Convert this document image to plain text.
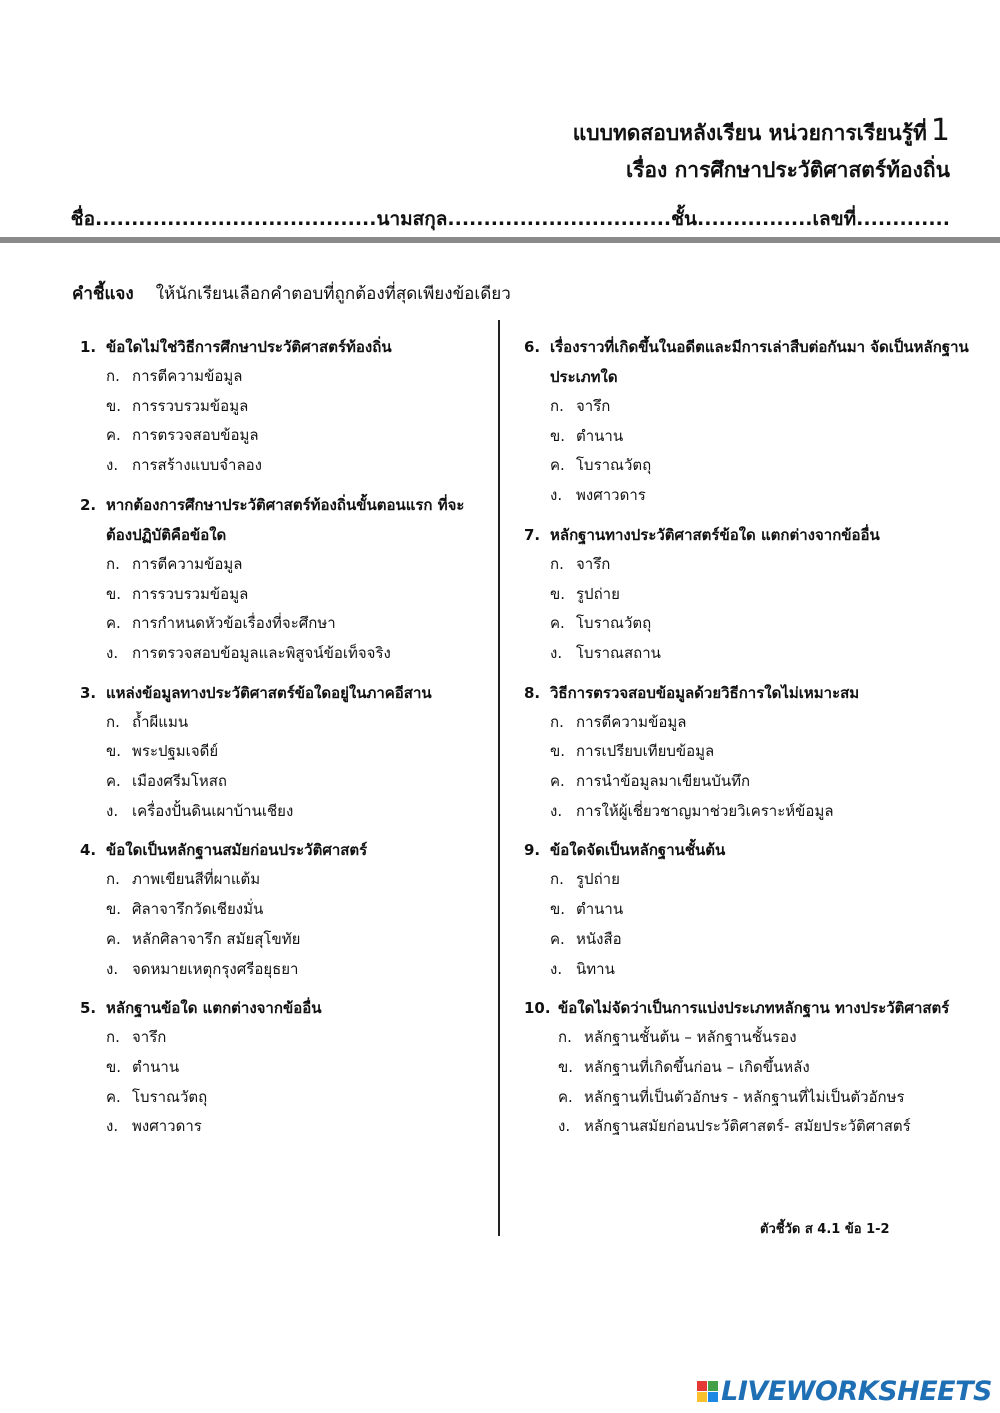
แบบทดสอบหลังเรียน หน่วยการเรียนรู้ที่ 1
เรื่อง การศึกษาประวัติศาสตร์ท้องถิ่น
ชื่อ.......................................นามสกุล...............................ชั้น................เลขที่.............
คำชี้แจง ให้นักเรียนเลือกคำตอบที่ถูกต้องที่สุดเพียงข้อเดียว
1. ข้อใดไม่ใช่วิธีการศึกษาประวัติศาสตร์ท้องถิ่น
ก. การตีความข้อมูล
ข. การรวบรวมข้อมูล
ค. การตรวจสอบข้อมูล
ง. การสร้างแบบจำลอง
2. หากต้องการศึกษาประวัติศาสตร์ท้องถิ่นขั้นตอนแรก ที่จะต้องปฏิบัติคือข้อใด
ก. การตีความข้อมูล
ข. การรวบรวมข้อมูล
ค. การกำหนดหัวข้อเรื่องที่จะศึกษา
ง. การตรวจสอบข้อมูลและพิสูจน์ข้อเท็จจริง
3. แหล่งข้อมูลทางประวัติศาสตร์ข้อใดอยู่ในภาคอีสาน
ก. ถ้ำผีแมน
ข. พระปฐมเจดีย์
ค. เมืองศรีมโหสถ
ง. เครื่องปั้นดินเผาบ้านเชียง
4. ข้อใดเป็นหลักฐานสมัยก่อนประวัติศาสตร์
ก. ภาพเขียนสีที่ผาแต้ม
ข. ศิลาจารึกวัดเชียงมั่น
ค. หลักศิลาจารึก สมัยสุโขทัย
ง. จดหมายเหตุกรุงศรีอยุธยา
5. หลักฐานข้อใด แตกต่างจากข้ออื่น
ก. จารึก
ข. ตำนาน
ค. โบราณวัตถุ
ง. พงศาวดาร
6. เรื่องราวที่เกิดขึ้นในอดีตและมีการเล่าสืบต่อกันมา จัดเป็นหลักฐานประเภทใด
ก. จารึก
ข. ตำนาน
ค. โบราณวัตถุ
ง. พงศาวดาร
7. หลักฐานทางประวัติศาสตร์ข้อใด แตกต่างจากข้ออื่น
ก. จารึก
ข. รูปถ่าย
ค. โบราณวัตถุ
ง. โบราณสถาน
8. วิธีการตรวจสอบข้อมูลด้วยวิธีการใดไม่เหมาะสม
ก. การตีความข้อมูล
ข. การเปรียบเทียบข้อมูล
ค. การนำข้อมูลมาเขียนบันทึก
ง. การให้ผู้เชี่ยวชาญมาช่วยวิเคราะห์ข้อมูล
9. ข้อใดจัดเป็นหลักฐานชั้นต้น
ก. รูปถ่าย
ข. ตำนาน
ค. หนังสือ
ง. นิทาน
10. ข้อใดไม่จัดว่าเป็นการแบ่งประเภทหลักฐาน ทางประวัติศาสตร์
ก. หลักฐานชั้นต้น – หลักฐานชั้นรอง
ข. หลักฐานที่เกิดขึ้นก่อน – เกิดขึ้นหลัง
ค. หลักฐานที่เป็นตัวอักษร - หลักฐานที่ไม่เป็นตัวอักษร
ง. หลักฐานสมัยก่อนประวัติศาสตร์- สมัยประวัติศาสตร์
ตัวชี้วัด ส 4.1 ข้อ 1-2
LIVEWORKSHEETS
